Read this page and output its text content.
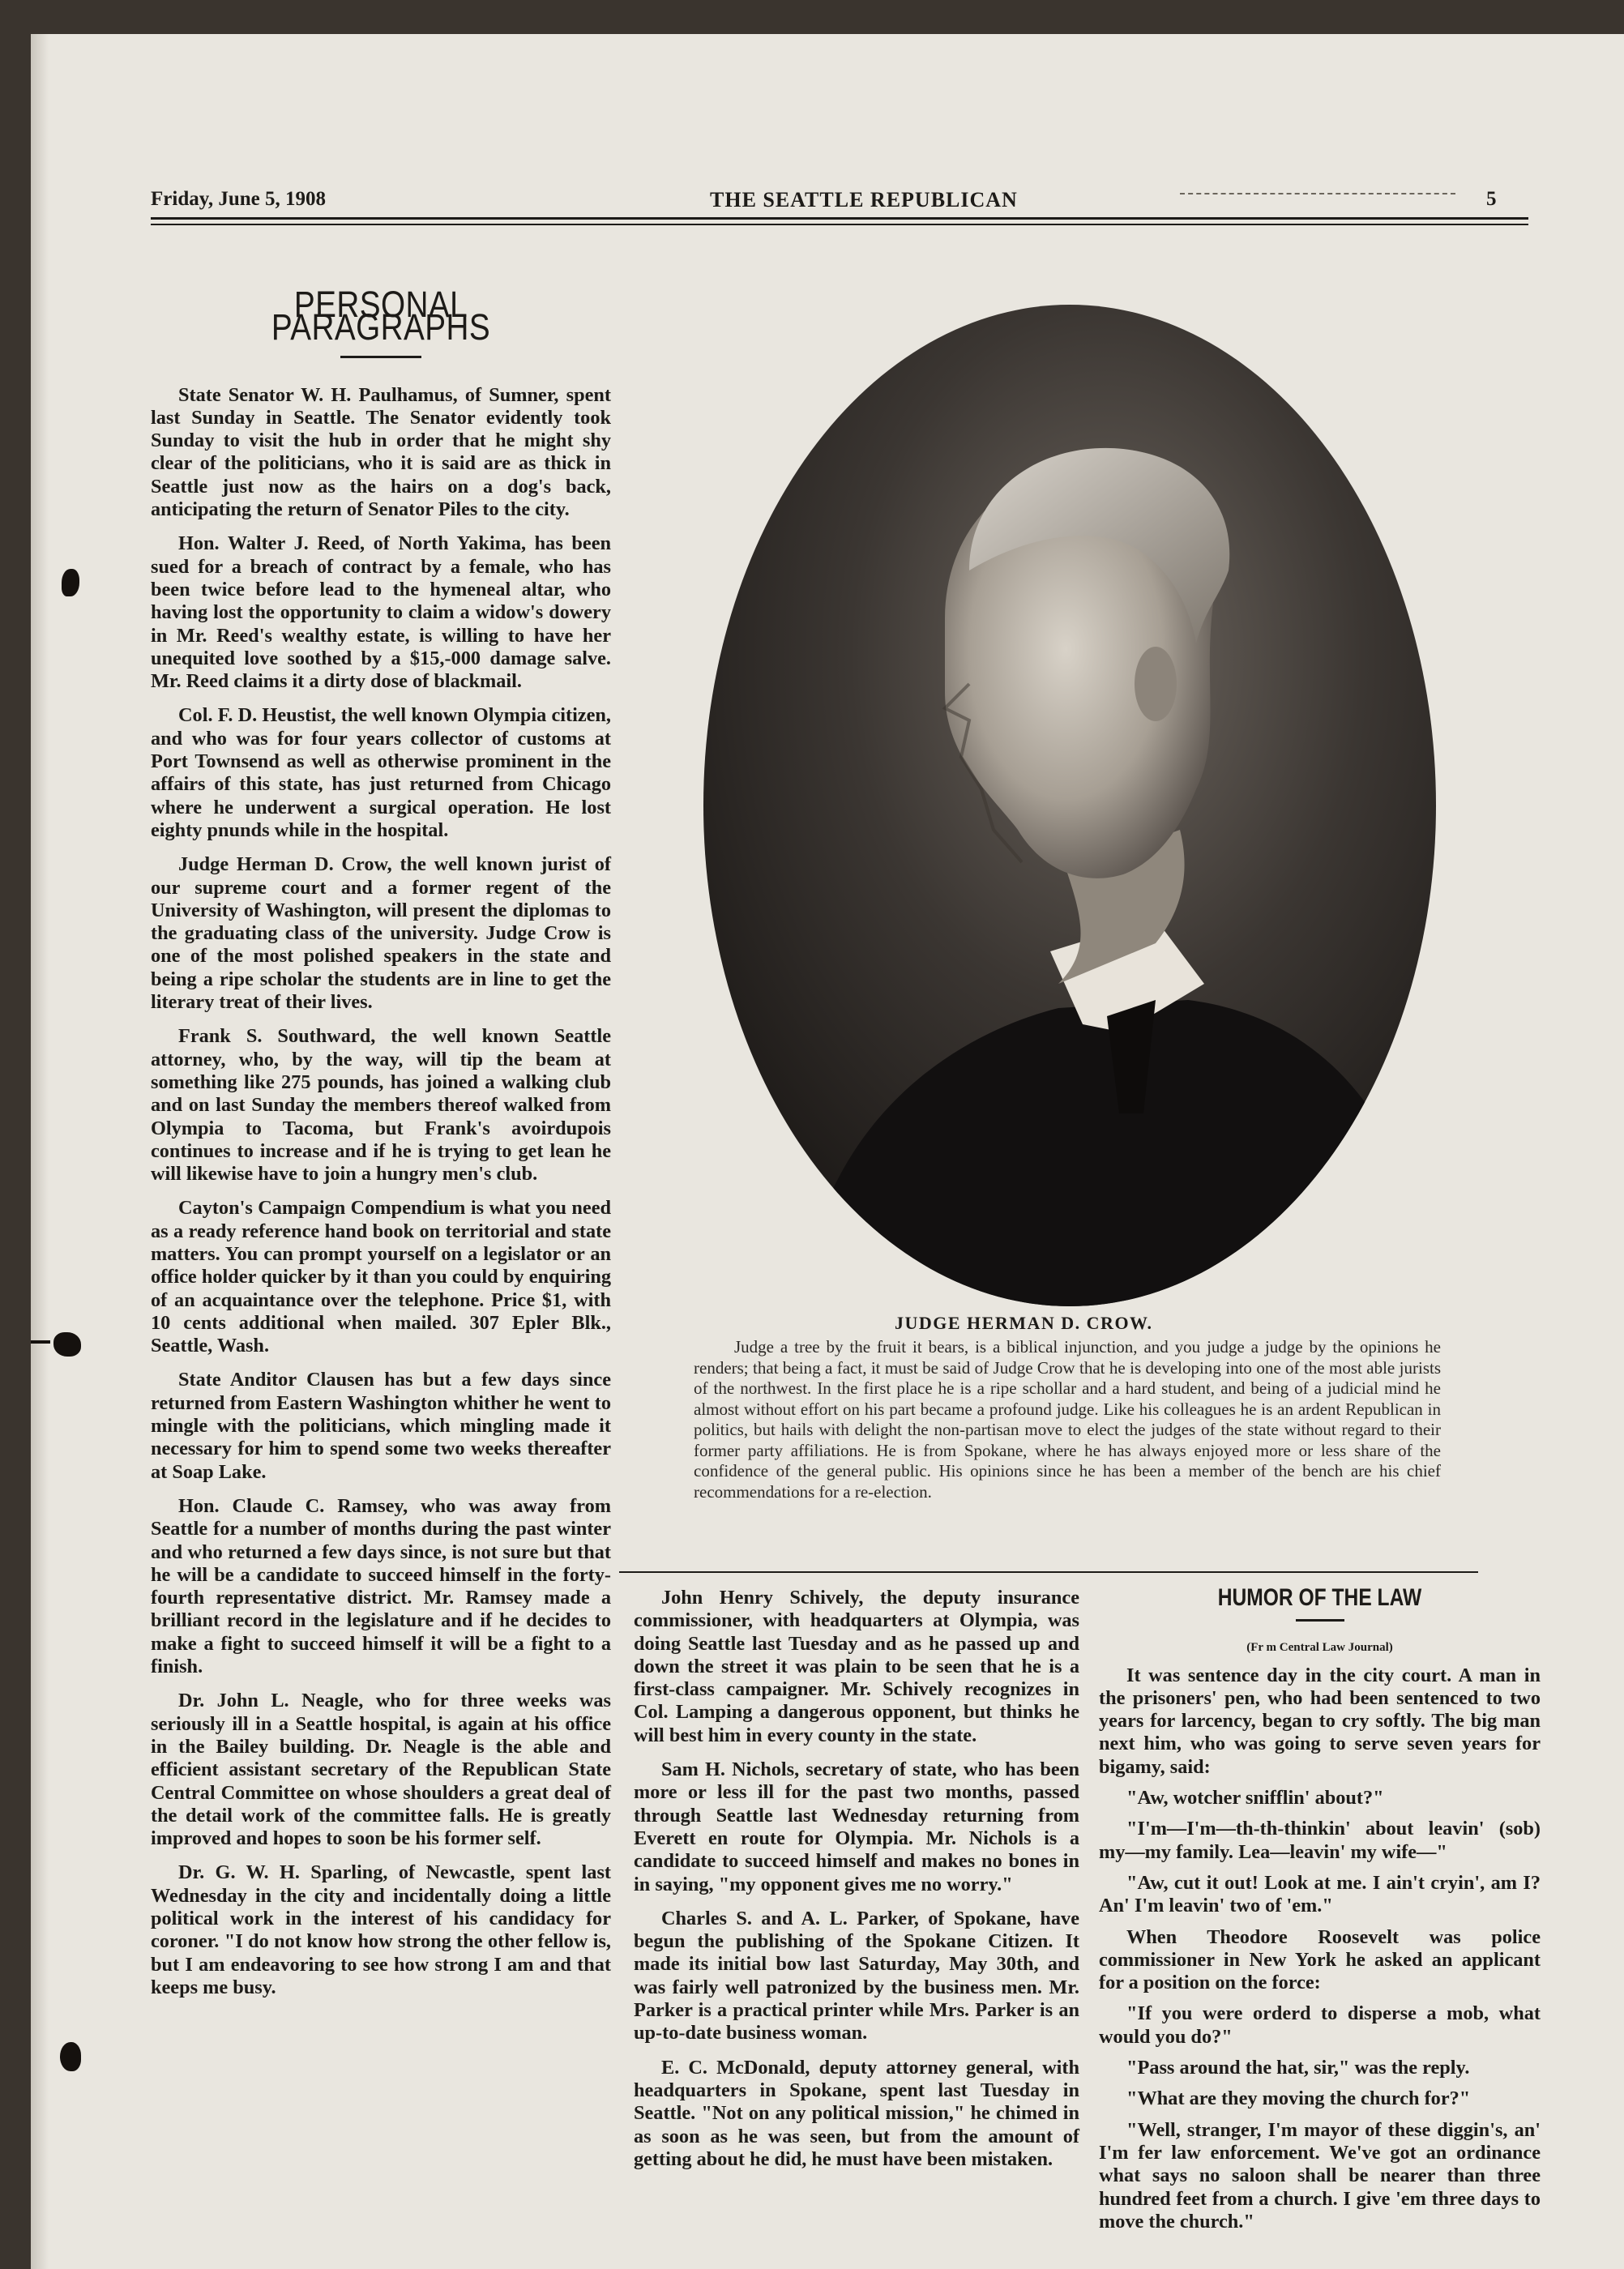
Friday, June 5, 1908	THE SEATTLE REPUBLICAN	5
PERSONAL PARAGRAPHS

State Senator W. H. Paulhamus, of Sumner, spent last Sunday in Seattle. The Senator evidently took Sunday to visit the hub in order that he might shy clear of the politicians, who it is said are as thick in Seattle just now as the hairs on a dog's back, anticipating the return of Senator Piles to the city.

Hon. Walter J. Reed, of North Yakima, has been sued for a breach of contract by a female, who has been twice before lead to the hymeneal altar, who having lost the opportunity to claim a widow's dowery in Mr. Reed's wealthy estate, is willing to have her unequited love soothed by a $15,-000 damage salve. Mr. Reed claims it a dirty dose of blackmail.

Col. F. D. Heustist, the well known Olympia citizen, and who was for four years collector of customs at Port Townsend as well as otherwise prominent in the affairs of this state, has just returned from Chicago where he underwent a surgical operation. He lost eighty pnunds while in the hospital.

Judge Herman D. Crow, the well known jurist of our supreme court and a former regent of the University of Washington, will present the diplomas to the graduating class of the university. Judge Crow is one of the most polished speakers in the state and being a ripe scholar the students are in line to get the literary treat of their lives.

Frank S. Southward, the well known Seattle attorney, who, by the way, will tip the beam at something like 275 pounds, has joined a walking club and on last Sunday the members thereof walked from Olympia to Tacoma, but Frank's avoirdupois continues to increase and if he is trying to get lean he will likewise have to join a hungry men's club.

Cayton's Campaign Compendium is what you need as a ready reference hand book on territorial and state matters. You can prompt yourself on a legislator or an office holder quicker by it than you could by enquiring of an acquaintance over the telephone. Price $1, with 10 cents additional when mailed. 307 Epler Blk., Seattle, Wash.

State Anditor Clausen has but a few days since returned from Eastern Washington whither he went to mingle with the politicians, which mingling made it necessary for him to spend some two weeks thereafter at Soap Lake.

Hon. Claude C. Ramsey, who was away from Seattle for a number of months during the past winter and who returned a few days since, is not sure but that he will be a candidate to succeed himself in the forty-fourth representative district. Mr. Ramsey made a brilliant record in the legislature and if he decides to make a fight to succeed himself it will be a fight to a finish.

Dr. John L. Neagle, who for three weeks was seriously ill in a Seattle hospital, is again at his office in the Bailey building. Dr. Neagle is the able and efficient assistant secretary of the Republican State Central Committee on whose shoulders a great deal of the detail work of the committee falls. He is greatly improved and hopes to soon be his former self.

Dr. G. W. H. Sparling, of Newcastle, spent last Wednesday in the city and incidentally doing a little political work in the interest of his candidacy for coroner. "I do not know how strong the other fellow is, but I am endeavoring to see how strong I am and that keeps me busy.

JUDGE HERMAN D. CROW.
Judge a tree by the fruit it bears, is a biblical injunction, and you judge a judge by the opinions he renders; that being a fact, it must be said of Judge Crow that he is developing into one of the most able jurists of the northwest. In the first place he is a ripe schollar and a hard student, and being of a judicial mind he almost without effort on his part became a profound judge. Like his colleagues he is an ardent Republican in politics, but hails with delight the non-partisan move to elect the judges of the state without regard to their former party affiliations. He is from Spokane, where he has always enjoyed more or less share of the confidence of the general public. His opinions since he has been a member of the bench are his chief recommendations for a re-election.

John Henry Schively, the deputy insurance commissioner, with headquarters at Olympia, was doing Seattle last Tuesday and as he passed up and down the street it was plain to be seen that he is a first-class campaigner. Mr. Schively recognizes in Col. Lamping a dangerous opponent, but thinks he will best him in every county in the state.

Sam H. Nichols, secretary of state, who has been more or less ill for the past two months, passed through Seattle last Wednesday returning from Everett en route for Olympia. Mr. Nichols is a candidate to succeed himself and makes no bones in in saying, "my opponent gives me no worry."

Charles S. and A. L. Parker, of Spokane, have begun the publishing of the Spokane Citizen. It made its initial bow last Saturday, May 30th, and was fairly well patronized by the business men. Mr. Parker is a practical printer while Mrs. Parker is an up-to-date business woman.

E. C. McDonald, deputy attorney general, with headquarters in Spokane, spent last Tuesday in Seattle. "Not on any political mission," he chimed in as soon as he was seen, but from the amount of getting about he did, he must have been mistaken.

HUMOR OF THE LAW
(Fr m Central Law Journal)

It was sentence day in the city court. A man in the prisoners' pen, who had been sentenced to two years for larcency, began to cry softly. The big man next him, who was going to serve seven years for bigamy, said:

"Aw, wotcher snifflin' about?"

"I'm—I'm—th-th-thinkin' about leavin' (sob) my—my family. Lea—leavin' my wife—"

"Aw, cut it out! Look at me. I ain't cryin', am I? An' I'm leavin' two of 'em."

When Theodore Roosevelt was police commissioner in New York he asked an applicant for a position on the force:

"If you were orderd to disperse a mob, what would you do?"

"Pass around the hat, sir," was the reply.

"What are they moving the church for?"

"Well, stranger, I'm mayor of these diggin's, an' I'm fer law enforcement. We've got an ordinance what says no saloon shall be nearer than three hundred feet from a church. I give 'em three days to move the church."
